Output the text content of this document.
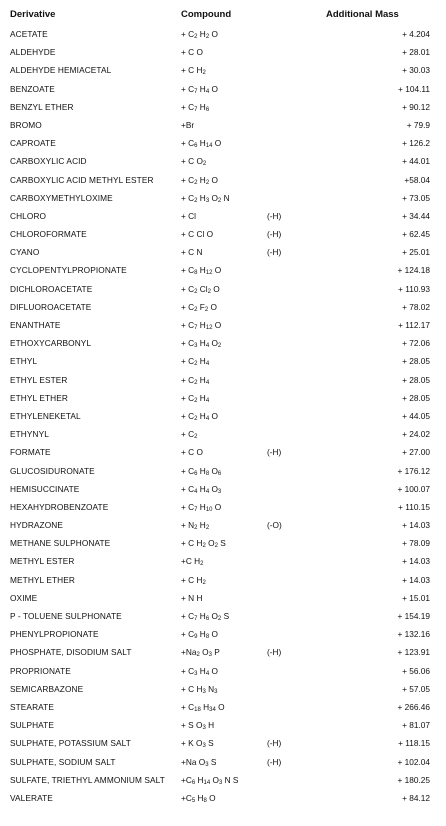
Derivative	Compound	Additional Mass
ACETATE	+ $C_2$ $H_2$ O	+ 4.204
ALDEHYDE	+ C O	+ 28.01
ALDEHYDE HEMIACETAL	+ C $H_2$	+ 30.03
BENZOATE	+ $C_7$ $H_4$ O	+ 104.11
BENZYL ETHER	+ $C_7$ $H_6$	+ 90.12
BROMO	+Br	+ 79.9
CAPROATE	+ $C_6$ $H_{14}$ O	+ 126.2
CARBOXYLIC ACID	+ C $O_2$	+ 44.01
CARBOXYLIC ACID METHYL ESTER	+ $C_2$ $H_2$ O	+58.04
CARBOXYMETHYLOXIME	+ $C_2$ $H_3$ $O_2$ N	+ 73.05
CHLORO	+ Cl	(-H)	+ 34.44
CHLOROFORMATE	+ C Cl O	(-H)	+ 62.45
CYANO	+ C N	(-H)	+ 25.01
CYCLOPENTYLPROPIONATE	+ $C_8$ $H_{12}$ O	+ 124.18
DICHLOROACETATE	+ $C_2$ $Cl_2$ O	+ 110.93
DIFLUOROACETATE	+ $C_2$ $F_2$ O	+ 78.02
ENANTHATE	+ $C_7$ $H_{12}$ O	+ 112.17
ETHOXYCARBONYL	+ $C_3$ $H_4$ $O_2$	+ 72.06
ETHYL	+ $C_2$ $H_4$	+ 28.05
ETHYL ESTER	+ $C_2$ $H_4$	+ 28.05
ETHYL ETHER	+ $C_2$ $H_4$	+ 28.05
ETHYLENEKETAL	+ $C_2$ $H_4$ O	+ 44.05
ETHYNYL	+ $C_2$	+ 24.02
FORMATE	+ C O	(-H)	+ 27.00
GLUCOSIDURONATE	+ $C_6$ $H_8$ $O_6$	+ 176.12
HEMISUCCINATE	+ $C_4$ $H_4$ $O_3$	+ 100.07
HEXAHYDROBENZOATE	+ $C_7$ $H_{10}$ O	+ 110.15
HYDRAZONE	+ $N_2$ $H_2$	(-O)	+ 14.03
METHANE SULPHONATE	+ C $H_2$ $O_2$ S	+ 78.09
METHYL ESTER	+C $H_2$	+ 14.03
METHYL ETHER	+ C $H_2$	+ 14.03
OXIME	+ N H	+ 15.01
P - TOLUENE SULPHONATE	+ $C_7$ $H_6$ $O_2$ S	+ 154.19
PHENYLPROPIONATE	+ $C_9$ $H_8$ O	+ 132.16
PHOSPHATE, DISODIUM SALT	$+Na_2$ $O_3$ P	(-H)	+ 123.91
PROPRIONATE	+ $C_3$ $H_4$ O	+ 56.06
SEMICARBAZONE	+ C $H_3$ $N_3$	+ 57.05
STEARATE	+ $C_{18}$ $H_{34}$ O	+ 266.46
SULPHATE	+ S $O_3$ H	+ 81.07
SULPHATE, POTASSIUM SALT	+ K $O_3$ S	(-H)	+ 118.15
SULPHATE, SODIUM SALT	+Na $O_3$ S	(-H)	+ 102.04
SULFATE, TRIETHYL AMMONIUM SALT $+C_6$ $H_{14}$ $O_3$ N S	+ 180.25
VALERATE	$+C_5$ $H_8$ O	+ 84.12
